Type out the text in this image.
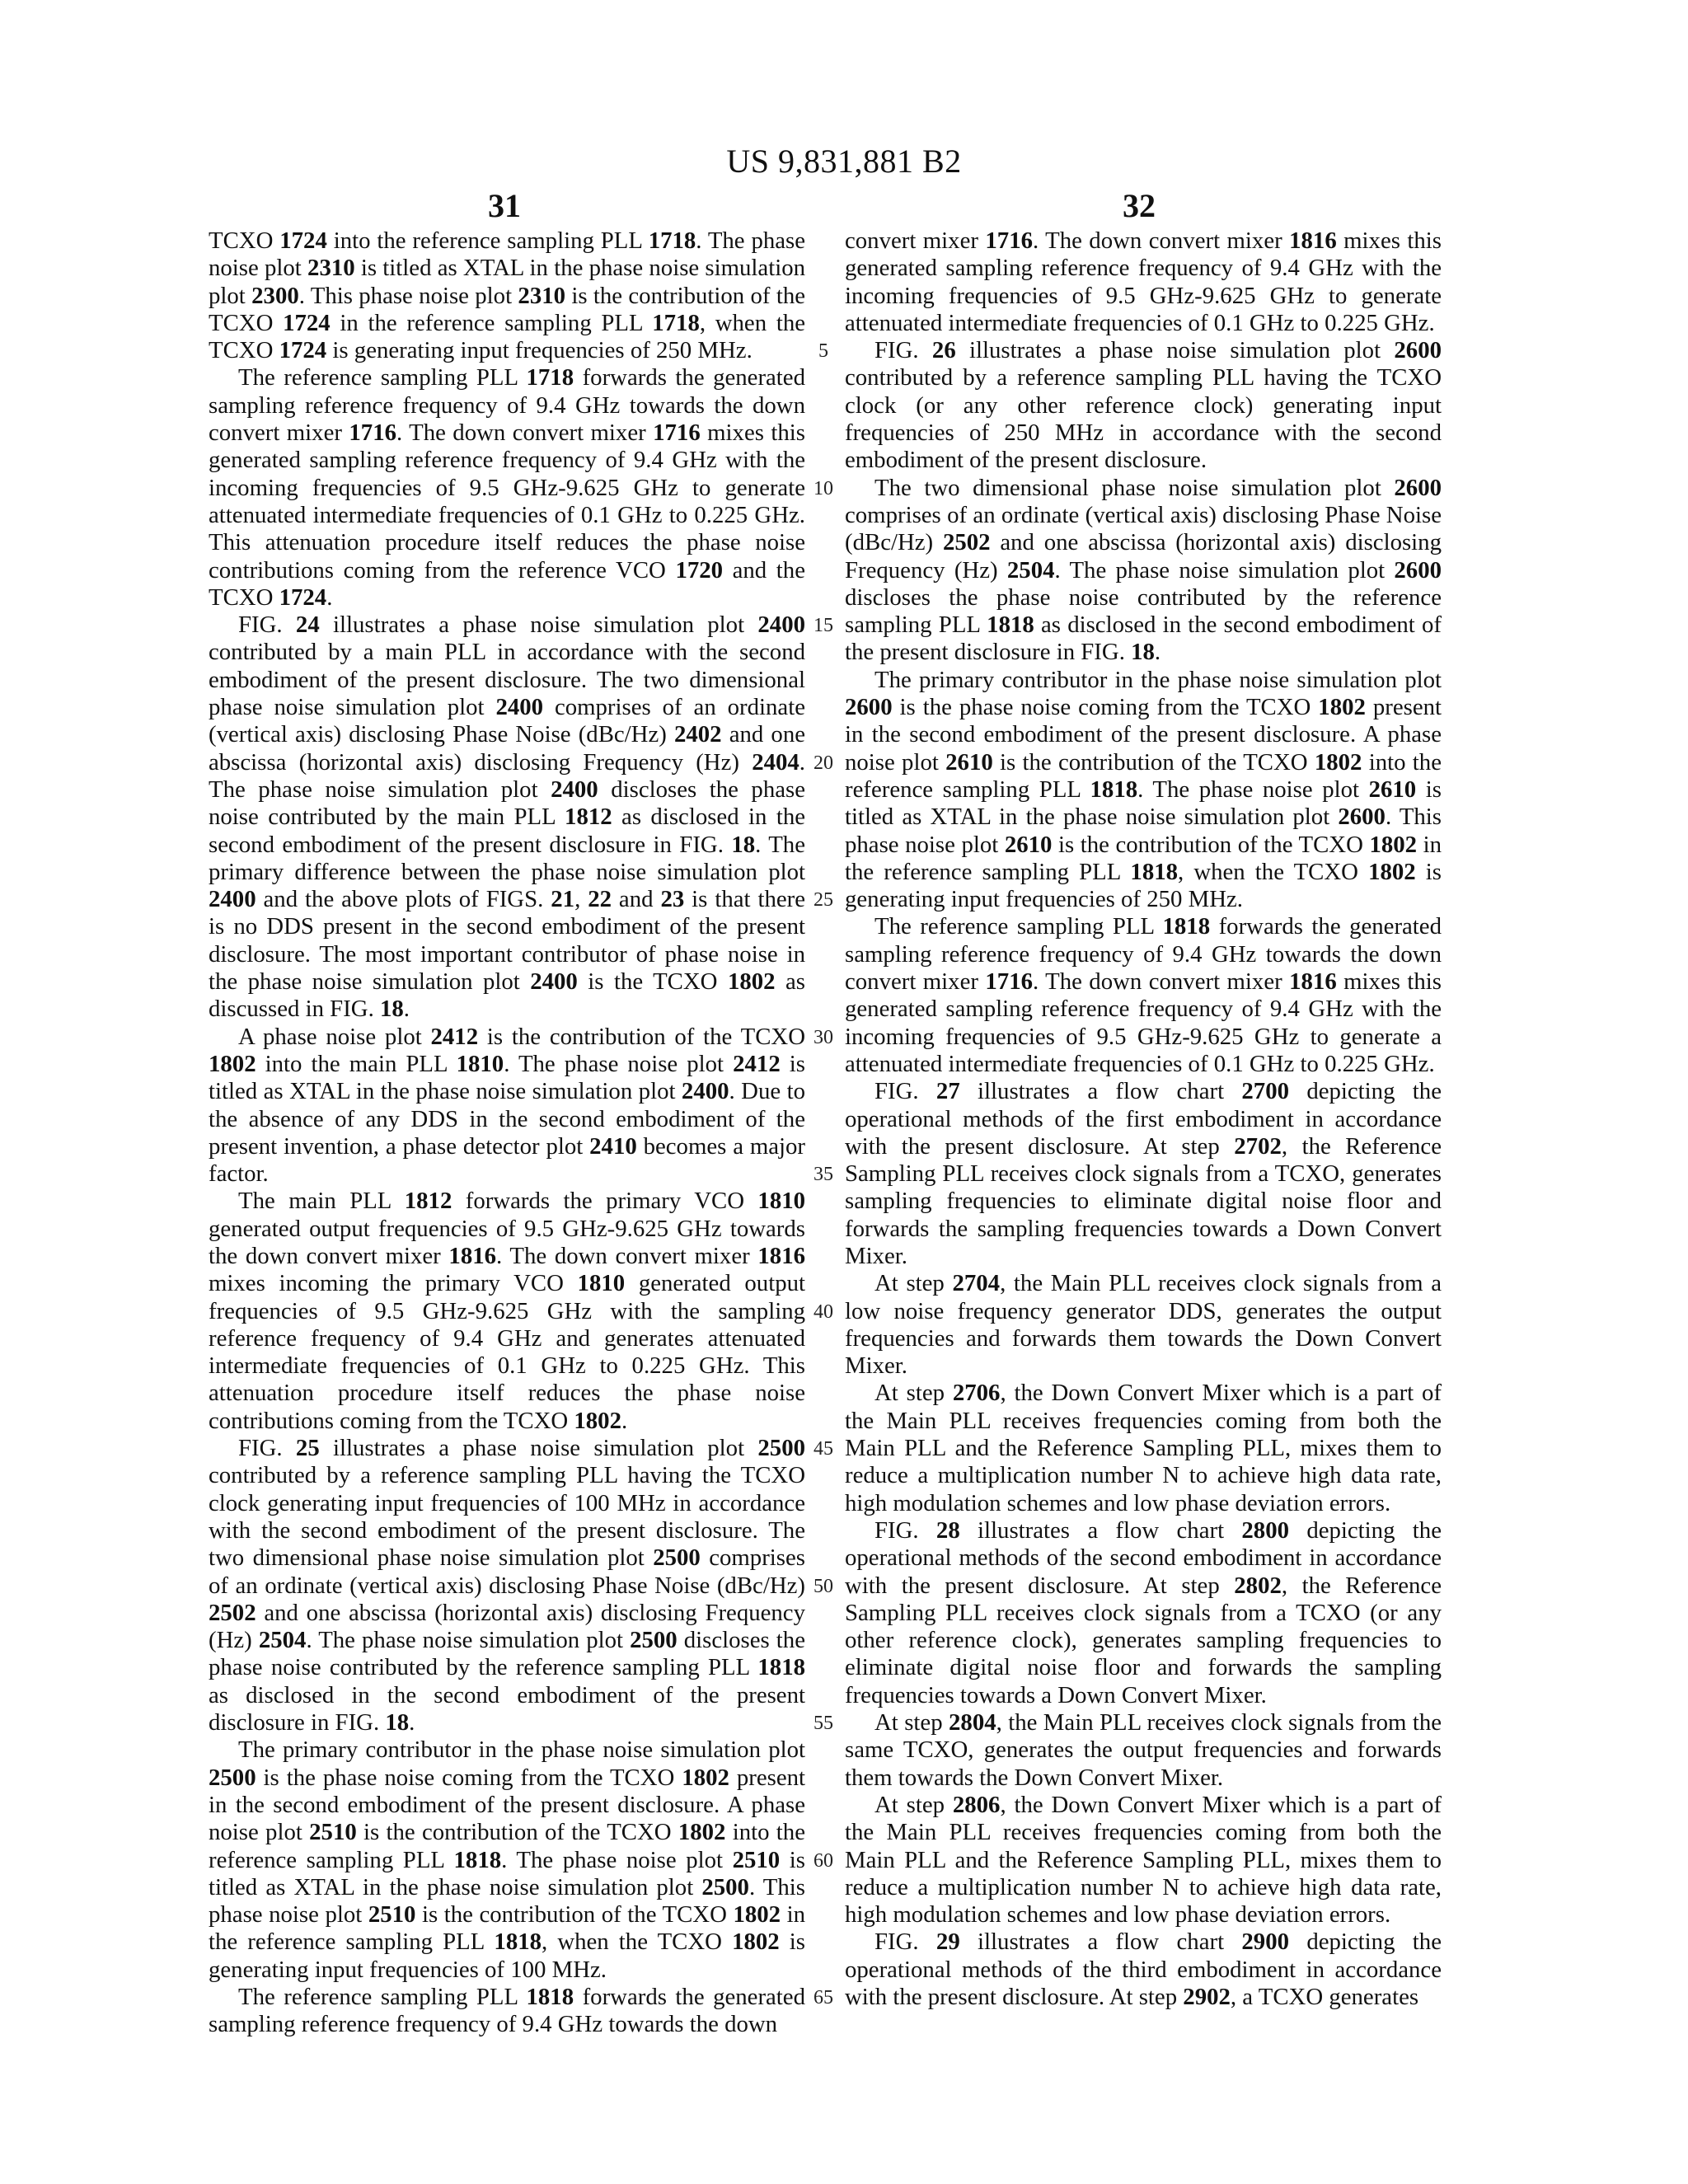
US 9,831,881 B2
31	32

TCXO 1724 into the reference sampling PLL 1718. The phase noise plot 2310 is titled as XTAL in the phase noise simulation plot 2300. This phase noise plot 2310 is the contribution of the TCXO 1724 in the reference sampling PLL 1718, when the TCXO 1724 is generating input frequencies of 250 MHz.

The reference sampling PLL 1718 forwards the generated sampling reference frequency of 9.4 GHz towards the down convert mixer 1716. The down convert mixer 1716 mixes this generated sampling reference frequency of 9.4 GHz with the incoming frequencies of 9.5 GHz-9.625 GHz to generate attenuated intermediate frequencies of 0.1 GHz to 0.225 GHz. This attenuation procedure itself reduces the phase noise contributions coming from the reference VCO 1720 and the TCXO 1724.

FIG. 24 illustrates a phase noise simulation plot 2400 contributed by a main PLL in accordance with the second embodiment of the present disclosure. The two dimensional phase noise simulation plot 2400 comprises of an ordinate (vertical axis) disclosing Phase Noise (dBc/Hz) 2402 and one abscissa (horizontal axis) disclosing Frequency (Hz) 2404. The phase noise simulation plot 2400 discloses the phase noise contributed by the main PLL 1812 as disclosed in the second embodiment of the present disclosure in FIG. 18. The primary difference between the phase noise simulation plot 2400 and the above plots of FIGS. 21, 22 and 23 is that there is no DDS present in the second embodiment of the present disclosure. The most important contributor of phase noise in the phase noise simulation plot 2400 is the TCXO 1802 as discussed in FIG. 18.

A phase noise plot 2412 is the contribution of the TCXO 1802 into the main PLL 1810. The phase noise plot 2412 is titled as XTAL in the phase noise simulation plot 2400. Due to the absence of any DDS in the second embodiment of the present invention, a phase detector plot 2410 becomes a major factor.

The main PLL 1812 forwards the primary VCO 1810 generated output frequencies of 9.5 GHz-9.625 GHz towards the down convert mixer 1816. The down convert mixer 1816 mixes incoming the primary VCO 1810 generated output frequencies of 9.5 GHz-9.625 GHz with the sampling reference frequency of 9.4 GHz and generates attenuated intermediate frequencies of 0.1 GHz to 0.225 GHz. This attenuation procedure itself reduces the phase noise contributions coming from the TCXO 1802.

FIG. 25 illustrates a phase noise simulation plot 2500 contributed by a reference sampling PLL having the TCXO clock generating input frequencies of 100 MHz in accordance with the second embodiment of the present disclosure. The two dimensional phase noise simulation plot 2500 comprises of an ordinate (vertical axis) disclosing Phase Noise (dBc/Hz) 2502 and one abscissa (horizontal axis) disclosing Frequency (Hz) 2504. The phase noise simulation plot 2500 discloses the phase noise contributed by the reference sampling PLL 1818 as disclosed in the second embodiment of the present disclosure in FIG. 18.

The primary contributor in the phase noise simulation plot 2500 is the phase noise coming from the TCXO 1802 present in the second embodiment of the present disclosure. A phase noise plot 2510 is the contribution of the TCXO 1802 into the reference sampling PLL 1818. The phase noise plot 2510 is titled as XTAL in the phase noise simulation plot 2500. This phase noise plot 2510 is the contribution of the TCXO 1802 in the reference sampling PLL 1818, when the TCXO 1802 is generating input frequencies of 100 MHz.

The reference sampling PLL 1818 forwards the generated sampling reference frequency of 9.4 GHz towards the down

convert mixer 1716. The down convert mixer 1816 mixes this generated sampling reference frequency of 9.4 GHz with the incoming frequencies of 9.5 GHz-9.625 GHz to generate attenuated intermediate frequencies of 0.1 GHz to 0.225 GHz.

FIG. 26 illustrates a phase noise simulation plot 2600 contributed by a reference sampling PLL having the TCXO clock (or any other reference clock) generating input frequencies of 250 MHz in accordance with the second embodiment of the present disclosure.

The two dimensional phase noise simulation plot 2600 comprises of an ordinate (vertical axis) disclosing Phase Noise (dBc/Hz) 2502 and one abscissa (horizontal axis) disclosing Frequency (Hz) 2504. The phase noise simulation plot 2600 discloses the phase noise contributed by the reference sampling PLL 1818 as disclosed in the second embodiment of the present disclosure in FIG. 18.

The primary contributor in the phase noise simulation plot 2600 is the phase noise coming from the TCXO 1802 present in the second embodiment of the present disclosure. A phase noise plot 2610 is the contribution of the TCXO 1802 into the reference sampling PLL 1818. The phase noise plot 2610 is titled as XTAL in the phase noise simulation plot 2600. This phase noise plot 2610 is the contribution of the TCXO 1802 in the reference sampling PLL 1818, when the TCXO 1802 is generating input frequencies of 250 MHz.

The reference sampling PLL 1818 forwards the generated sampling reference frequency of 9.4 GHz towards the down convert mixer 1716. The down convert mixer 1816 mixes this generated sampling reference frequency of 9.4 GHz with the incoming frequencies of 9.5 GHz-9.625 GHz to generate a attenuated intermediate frequencies of 0.1 GHz to 0.225 GHz.

FIG. 27 illustrates a flow chart 2700 depicting the operational methods of the first embodiment in accordance with the present disclosure. At step 2702, the Reference Sampling PLL receives clock signals from a TCXO, generates sampling frequencies to eliminate digital noise floor and forwards the sampling frequencies towards a Down Convert Mixer.

At step 2704, the Main PLL receives clock signals from a low noise frequency generator DDS, generates the output frequencies and forwards them towards the Down Convert Mixer.

At step 2706, the Down Convert Mixer which is a part of the Main PLL receives frequencies coming from both the Main PLL and the Reference Sampling PLL, mixes them to reduce a multiplication number N to achieve high data rate, high modulation schemes and low phase deviation errors.

FIG. 28 illustrates a flow chart 2800 depicting the operational methods of the second embodiment in accordance with the present disclosure. At step 2802, the Reference Sampling PLL receives clock signals from a TCXO (or any other reference clock), generates sampling frequencies to eliminate digital noise floor and forwards the sampling frequencies towards a Down Convert Mixer.

At step 2804, the Main PLL receives clock signals from the same TCXO, generates the output frequencies and forwards them towards the Down Convert Mixer.

At step 2806, the Down Convert Mixer which is a part of the Main PLL receives frequencies coming from both the Main PLL and the Reference Sampling PLL, mixes them to reduce a multiplication number N to achieve high data rate, high modulation schemes and low phase deviation errors.

FIG. 29 illustrates a flow chart 2900 depicting the operational methods of the third embodiment in accordance with the present disclosure. At step 2902, a TCXO generates

5
10
15
20
25
30
35
40
45
50
55
60
65
